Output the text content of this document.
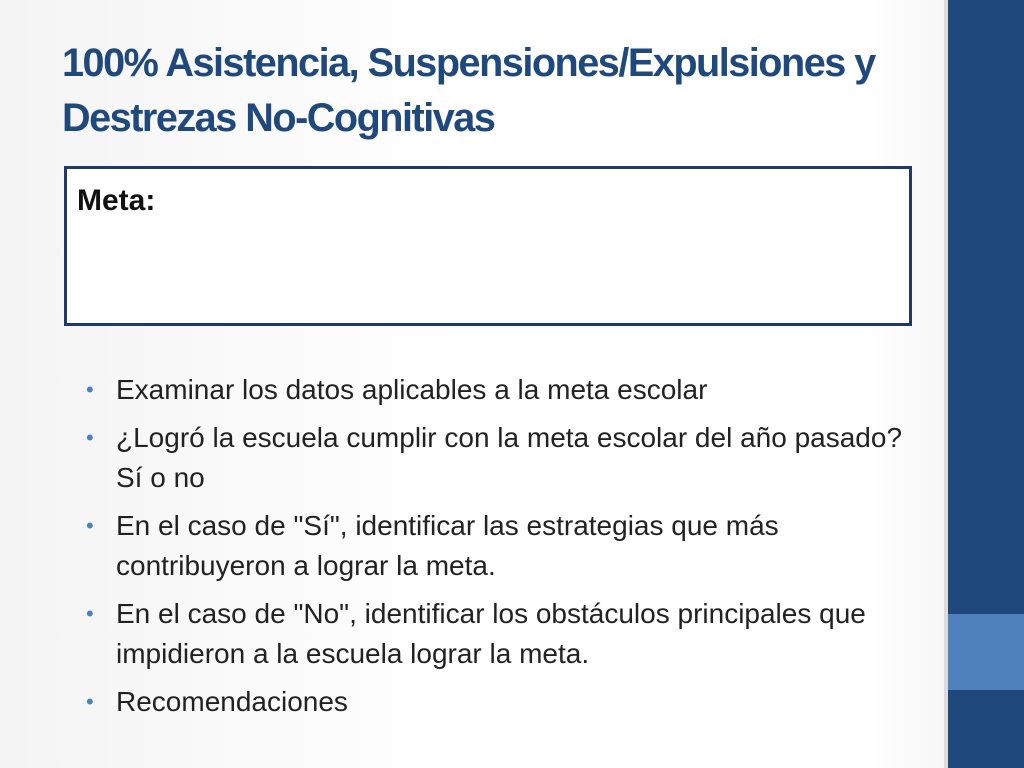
100% Asistencia, Suspensiones/Expulsiones y Destrezas No-Cognitivas

Meta:

• Examinar los datos aplicables a la meta escolar
• ¿Logró la escuela cumplir con la meta escolar del año pasado? Sí o no
• En el caso de "Sí", identificar las estrategias que más contribuyeron a lograr la meta.
• En el caso de "No", identificar los obstáculos principales que impidieron a la escuela lograr la meta.
• Recomendaciones
